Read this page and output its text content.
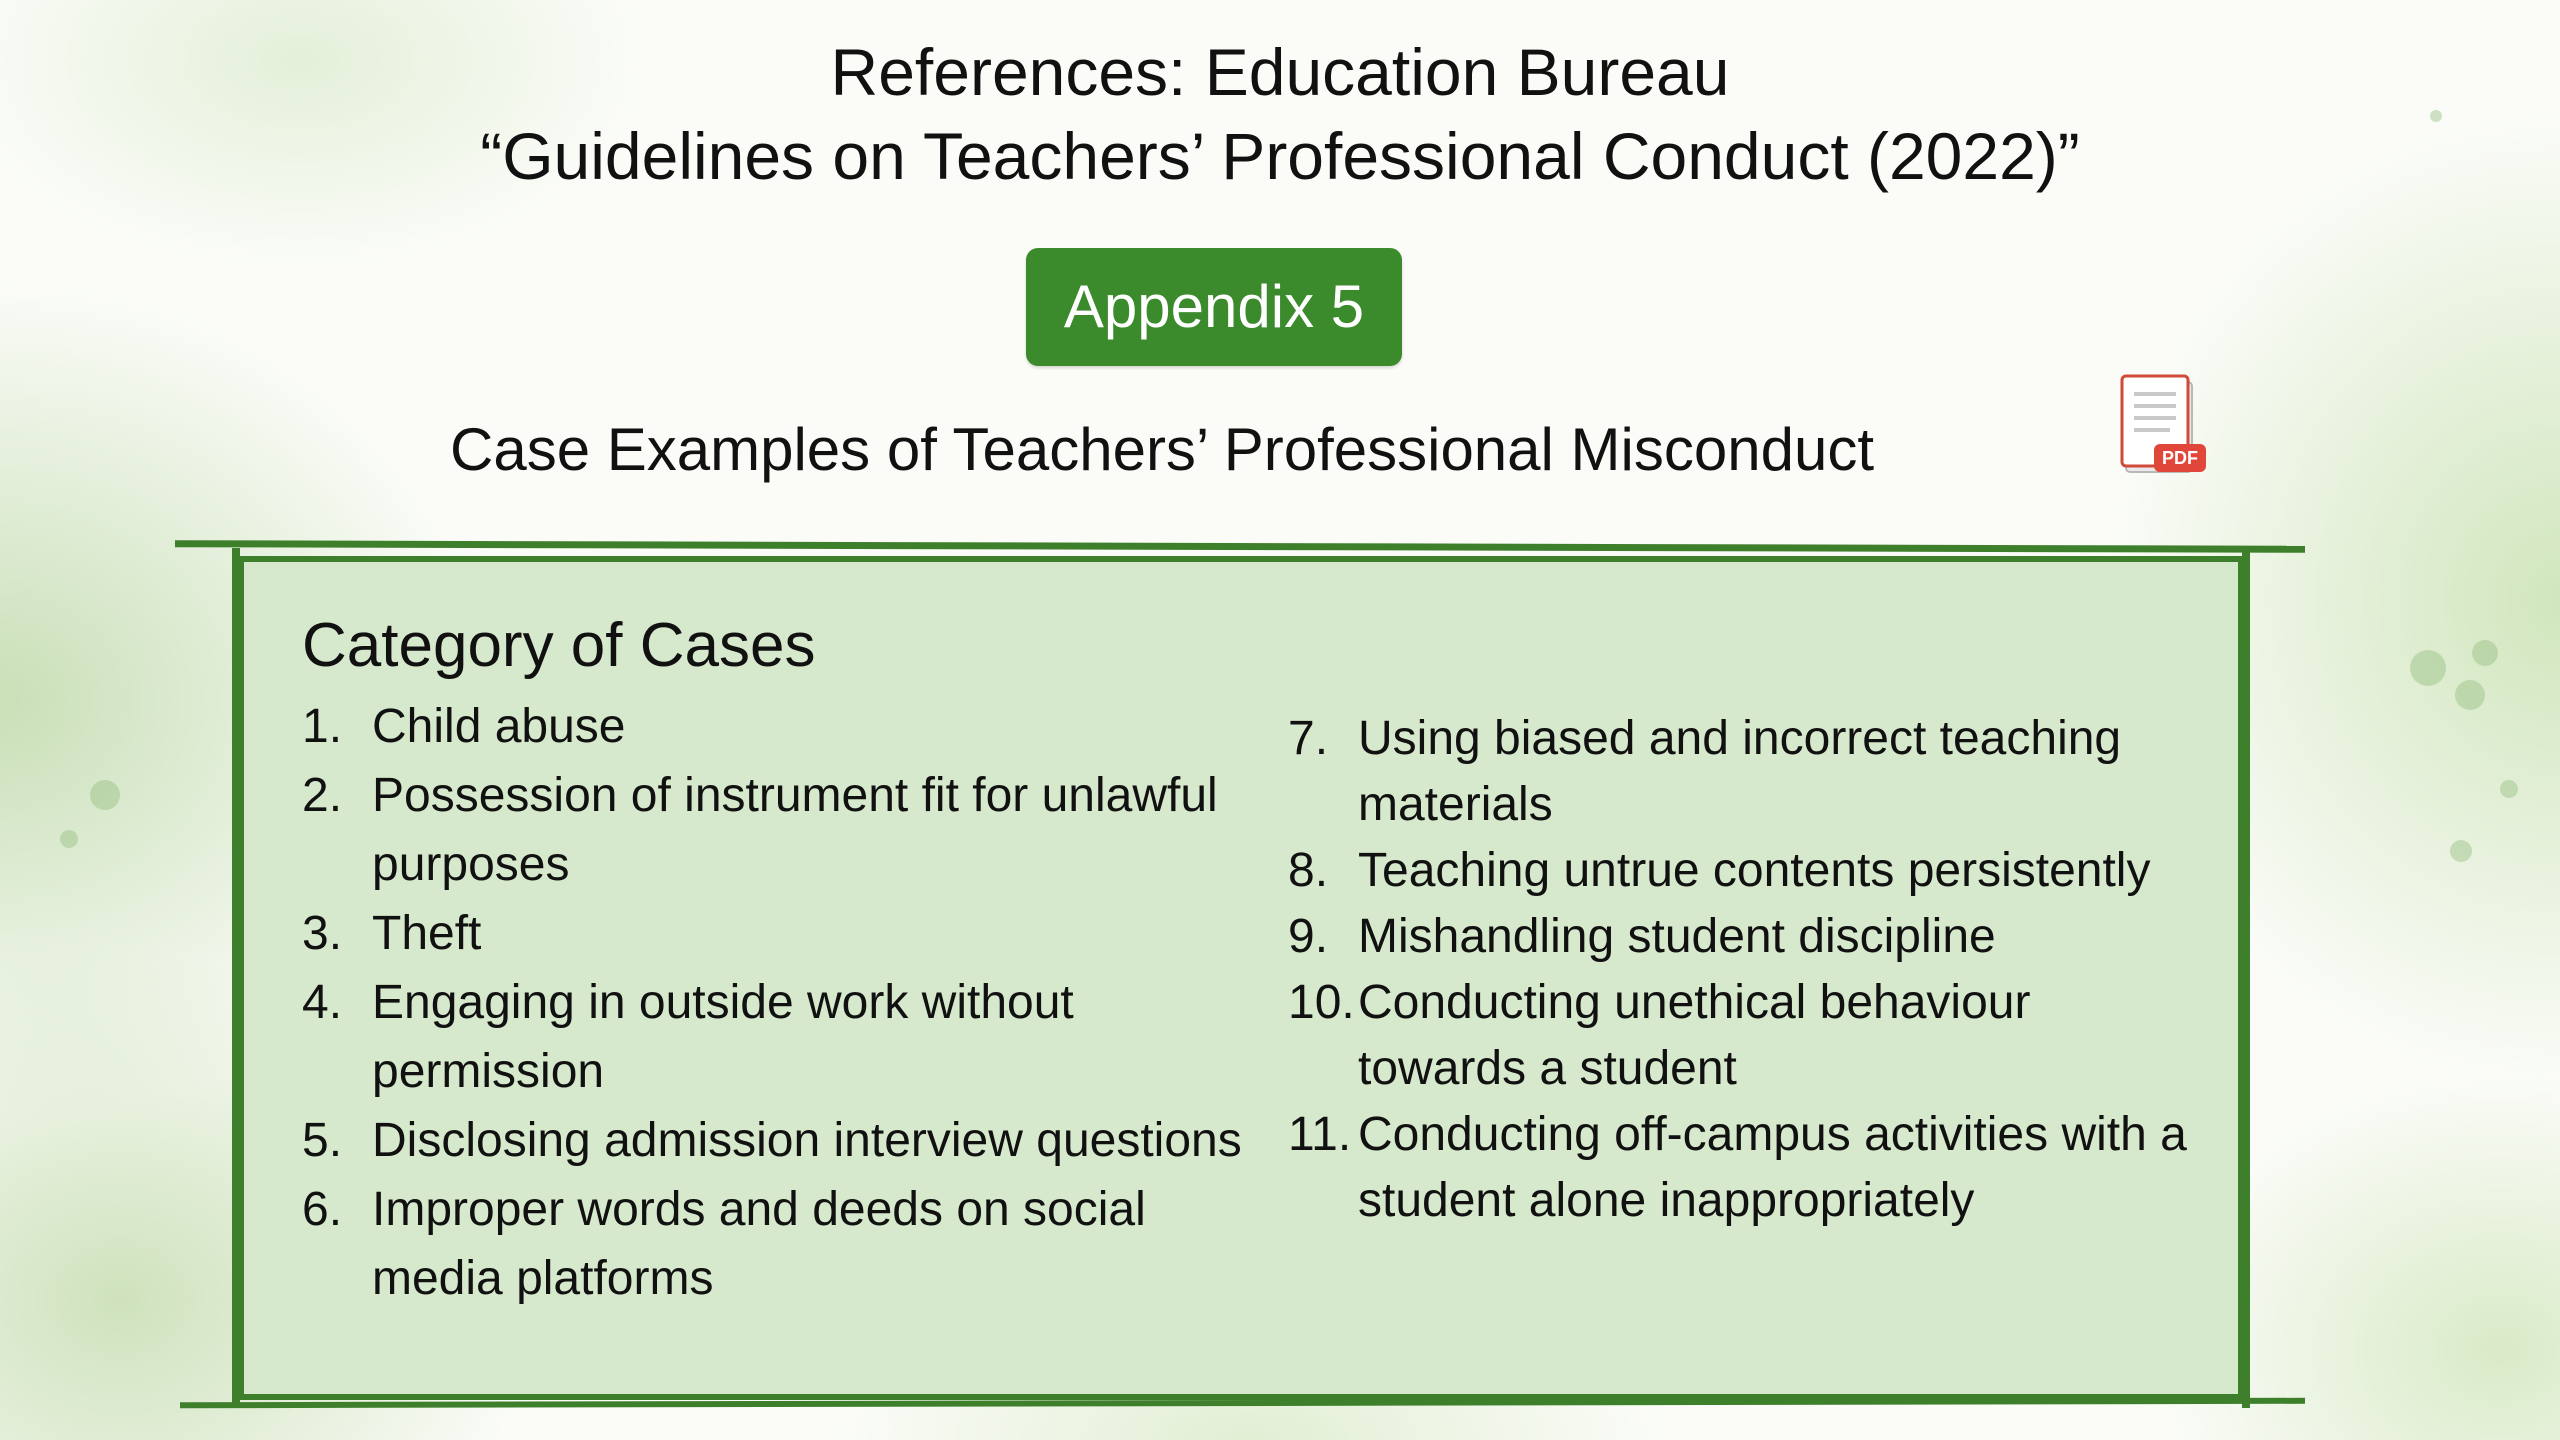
References: Education Bureau
“Guidelines on Teachers’ Professional Conduct (2022)”
Appendix 5
Case Examples of Teachers’ Professional Misconduct	PDF
Category of Cases
1. Child abuse
2. Possession of instrument fit for unlawful purposes
3. Theft
4. Engaging in outside work without permission
5. Disclosing admission interview questions
6. Improper words and deeds on social media platforms
7. Using biased and incorrect teaching materials
8. Teaching untrue contents persistently
9. Mishandling student discipline
10. Conducting unethical behaviour towards a student
11. Conducting off-campus activities with a student alone inappropriately
